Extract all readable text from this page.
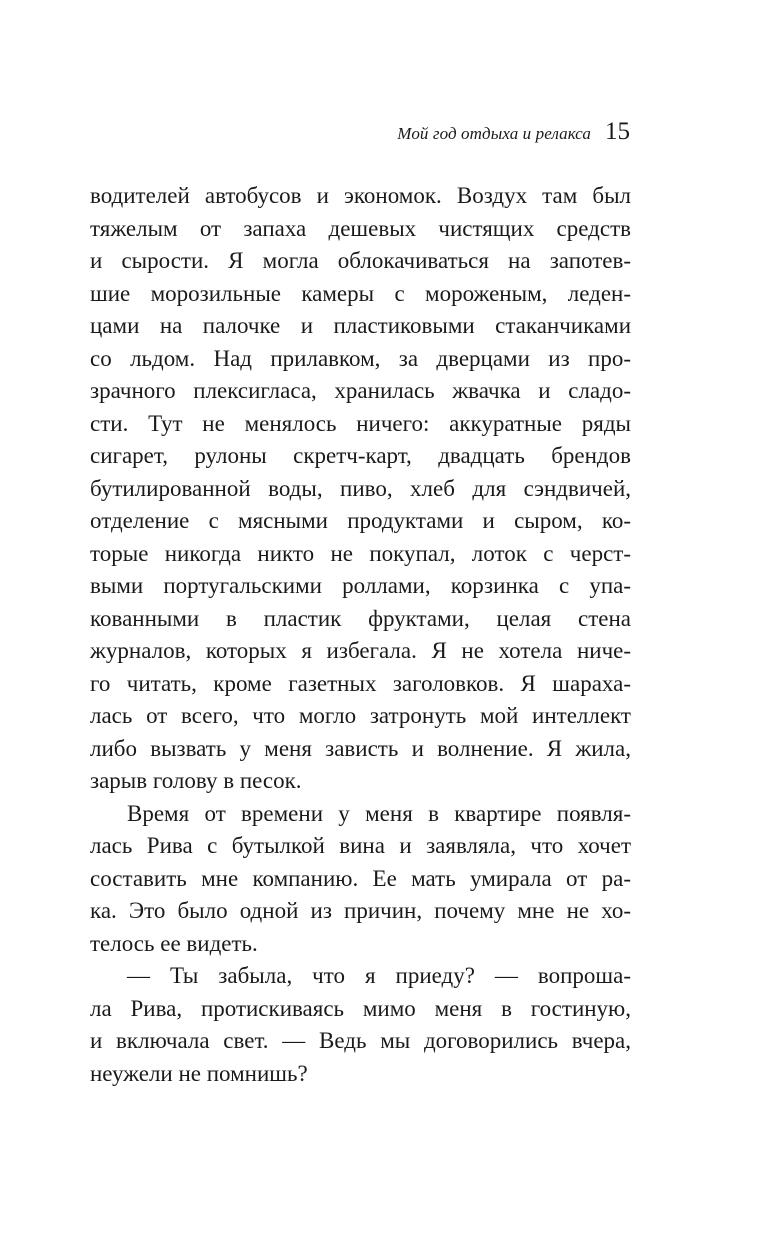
Мой год отдыха и релакса 15
водителей автобусов и экономок. Воздух там был
тяжелым от запаха дешевых чистящих средств
и сырости. Я могла облокачиваться на запотев-
шие морозильные камеры с мороженым, леден-
цами на палочке и пластиковыми стаканчиками
со льдом. Над прилавком, за дверцами из про-
зрачного плексигласа, хранилась жвачка и сладо-
сти. Тут не менялось ничего: аккуратные ряды
сигарет, рулоны скретч-карт, двадцать брендов
бутилированной воды, пиво, хлеб для сэндвичей,
отделение с мясными продуктами и сыром, ко-
торые никогда никто не покупал, лоток с черст-
выми португальскими роллами, корзинка с упа-
кованными в пластик фруктами, целая стена
журналов, которых я избегала. Я не хотела ниче-
го читать, кроме газетных заголовков. Я шараха-
лась от всего, что могло затронуть мой интеллект
либо вызвать у меня зависть и волнение. Я жила,
зарыв голову в песок.
Время от времени у меня в квартире появля-
лась Рива с бутылкой вина и заявляла, что хочет
составить мне компанию. Ее мать умирала от ра-
ка. Это было одной из причин, почему мне не хо-
телось ее видеть.
— Ты забыла, что я приеду? — вопроша-
ла Рива, протискиваясь мимо меня в гостиную,
и включала свет. — Ведь мы договорились вчера,
неужели не помнишь?
